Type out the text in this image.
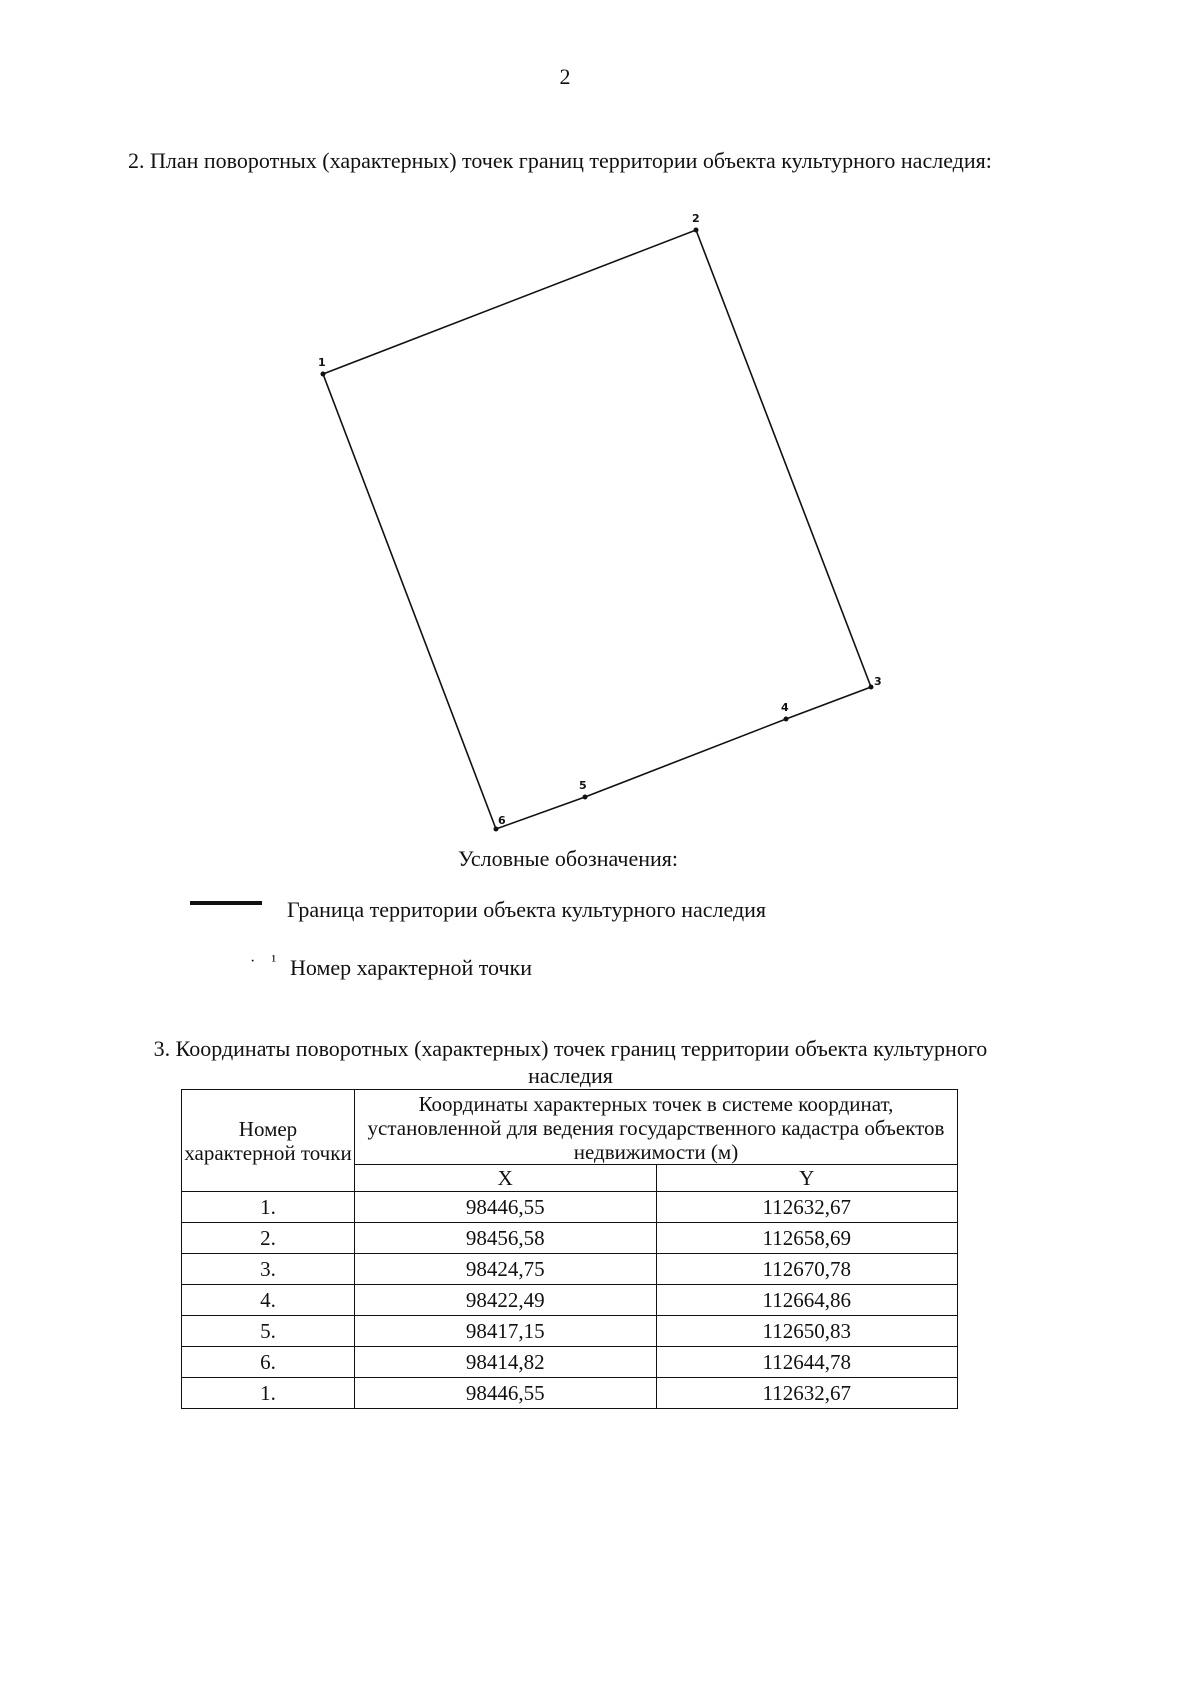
2
2. План поворотных (характерных) точек границ территории объекта культурного наследия:
1
2
3
4
5
6
Условные обозначения:
Граница территории объекта культурного наследия
· ¹ Номер характерной точки
3. Координаты поворотных (характерных) точек границ территории объекта культурного наследия
Номер характерной точки	Координаты характерных точек в системе координат, установленной для ведения государственного кадастра объектов недвижимости (м)	
	X	Y
1.	98446,55	112632,67
2.	98456,58	112658,69
3.	98424,75	112670,78
4.	98422,49	112664,86
5.	98417,15	112650,83
6.	98414,82	112644,78
1.	98446,55	112632,67
